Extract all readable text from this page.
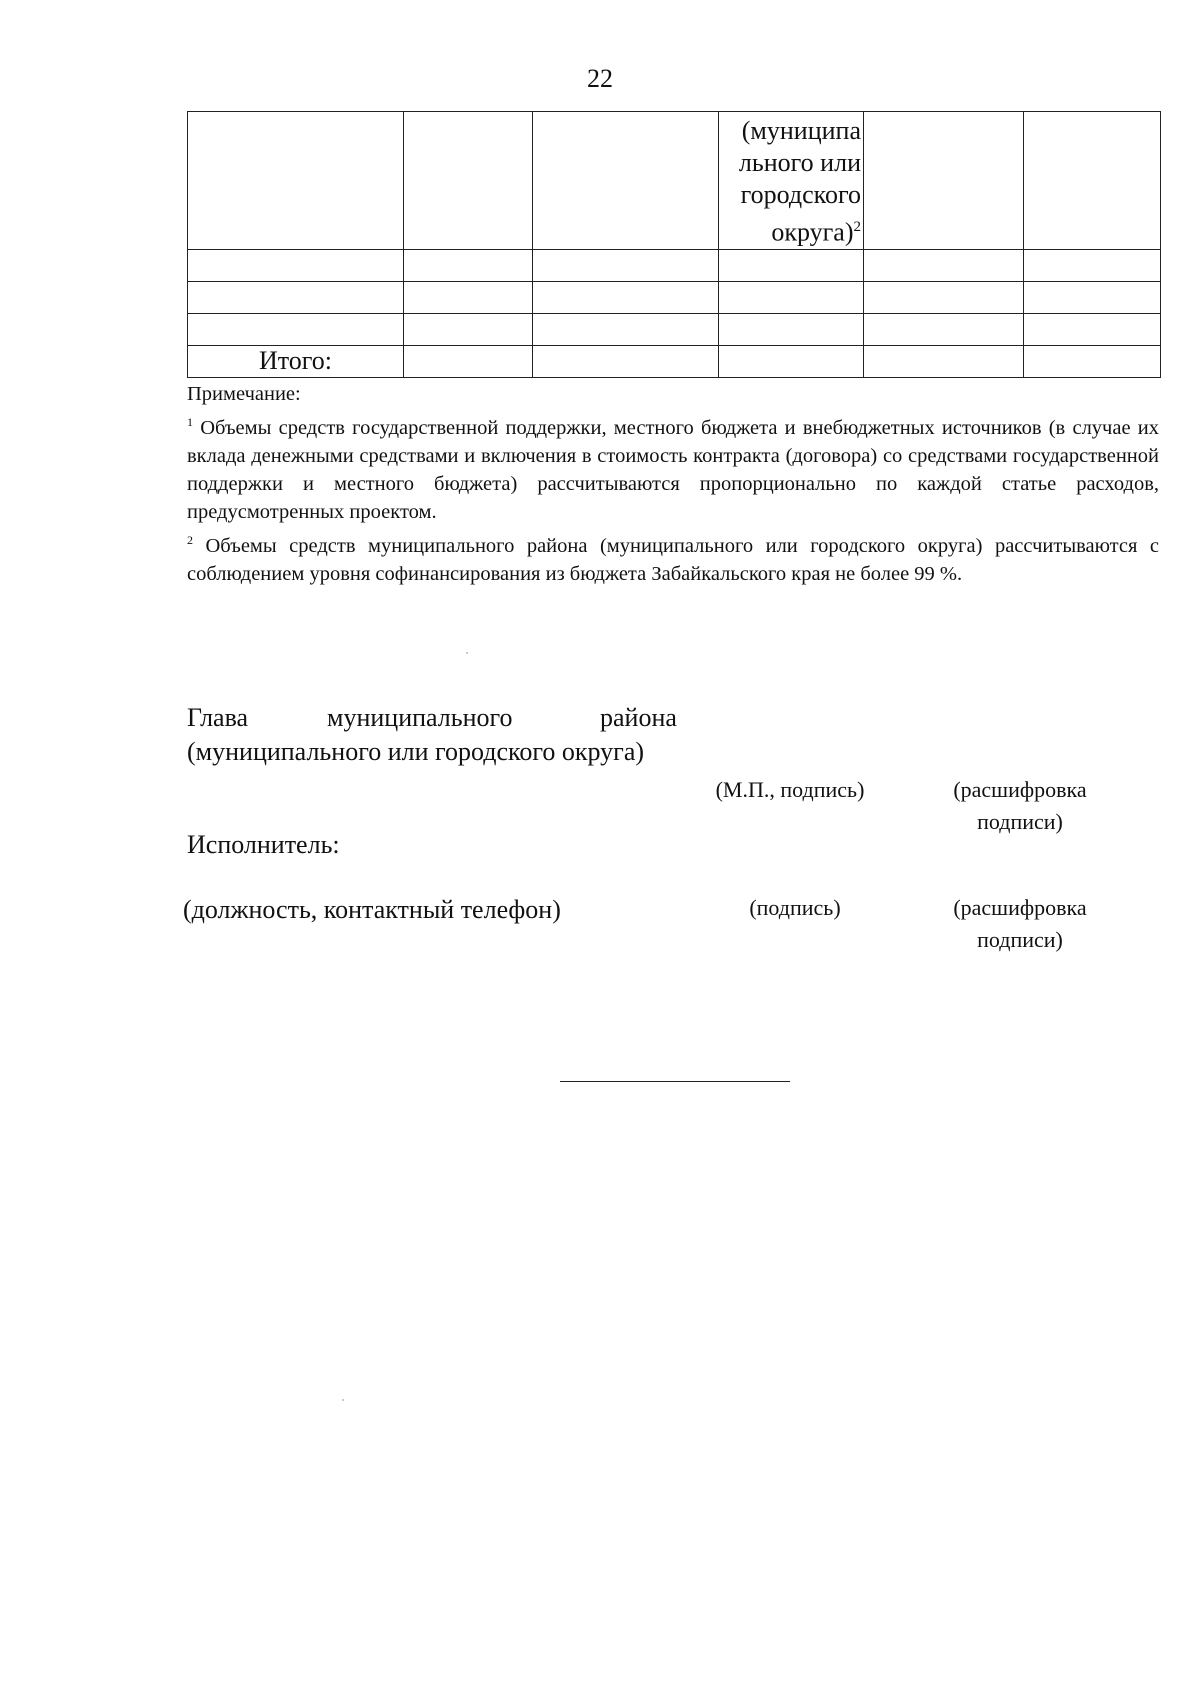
22

			(муниципа
льного или
городского
округа)$^2$

Итого:					

Примечание:

$^1$ Объемы средств государственной поддержки, местного бюджета и внебюджетных источников (в случае их вклада денежными средствами и включения в стоимость контракта (договора) со средствами государственной поддержки и местного бюджета) рассчитываются пропорционально по каждой статье расходов, предусмотренных проектом.

$^2$ Объемы средств муниципального района (муниципального или городского округа) рассчитываются с соблюдением уровня софинансирования из бюджета Забайкальского края не более 99 %.

Глава	муниципального	района
(муниципального или городского округа)
(М.П., подпись)	(расшифровка
подписи)
Исполнитель:
(должность, контактный телефон)	(подпись)	(расшифровка
подписи)
